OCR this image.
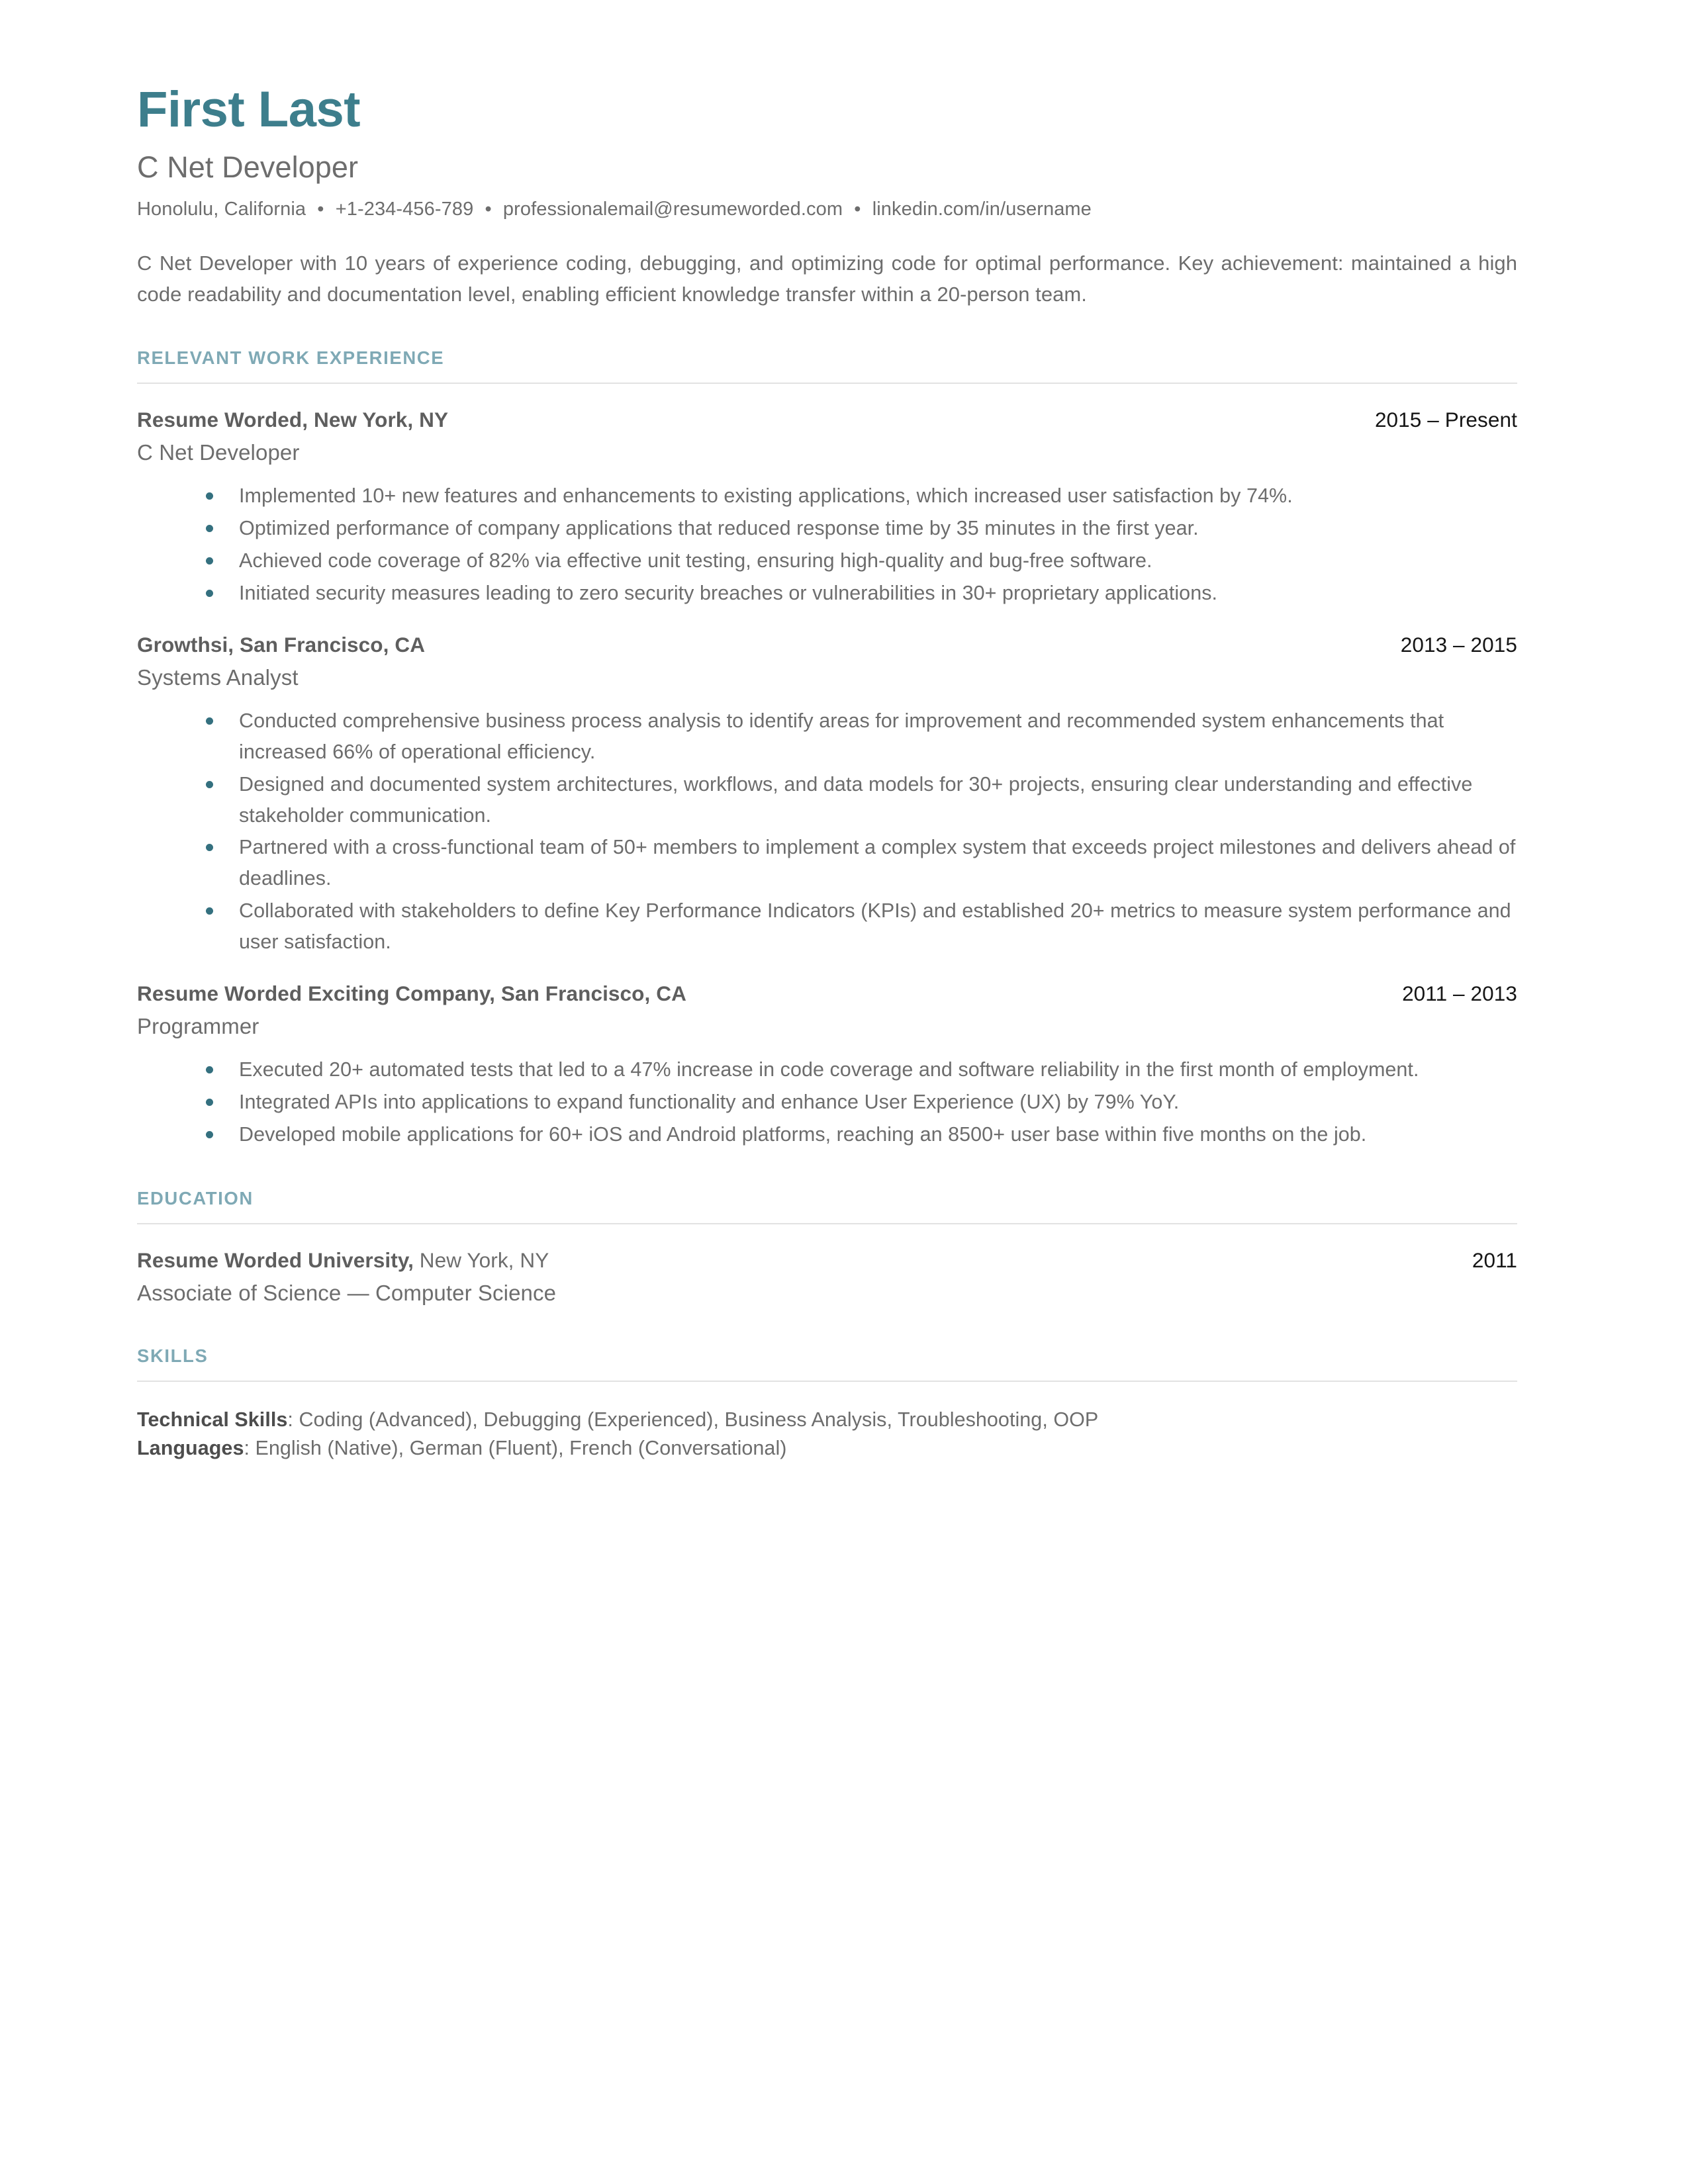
First Last
C Net Developer
Honolulu, California • +1-234-456-789 • professionalemail@resumeworded.com • linkedin.com/in/username
C Net Developer with 10 years of experience coding, debugging, and optimizing code for optimal performance. Key achievement: maintained a high code readability and documentation level, enabling efficient knowledge transfer within a 20-person team.
RELEVANT WORK EXPERIENCE
Resume Worded, New York, NY	2015 – Present
C Net Developer
Implemented 10+ new features and enhancements to existing applications, which increased user satisfaction by 74%.
Optimized performance of company applications that reduced response time by 35 minutes in the first year.
Achieved code coverage of 82% via effective unit testing, ensuring high-quality and bug-free software.
Initiated security measures leading to zero security breaches or vulnerabilities in 30+ proprietary applications.
Growthsi, San Francisco, CA	2013 – 2015
Systems Analyst
Conducted comprehensive business process analysis to identify areas for improvement and recommended system enhancements that increased 66% of operational efficiency.
Designed and documented system architectures, workflows, and data models for 30+ projects, ensuring clear understanding and effective stakeholder communication.
Partnered with a cross-functional team of 50+ members to implement a complex system that exceeds project milestones and delivers ahead of deadlines.
Collaborated with stakeholders to define Key Performance Indicators (KPIs) and established 20+ metrics to measure system performance and user satisfaction.
Resume Worded Exciting Company, San Francisco, CA	2011 – 2013
Programmer
Executed 20+ automated tests that led to a 47% increase in code coverage and software reliability in the first month of employment.
Integrated APIs into applications to expand functionality and enhance User Experience (UX) by 79% YoY.
Developed mobile applications for 60+ iOS and Android platforms, reaching an 8500+ user base within five months on the job.
EDUCATION
Resume Worded University, New York, NY	2011
Associate of Science — Computer Science
SKILLS
Technical Skills: Coding (Advanced), Debugging (Experienced), Business Analysis, Troubleshooting, OOP
Languages: English (Native), German (Fluent), French (Conversational)
